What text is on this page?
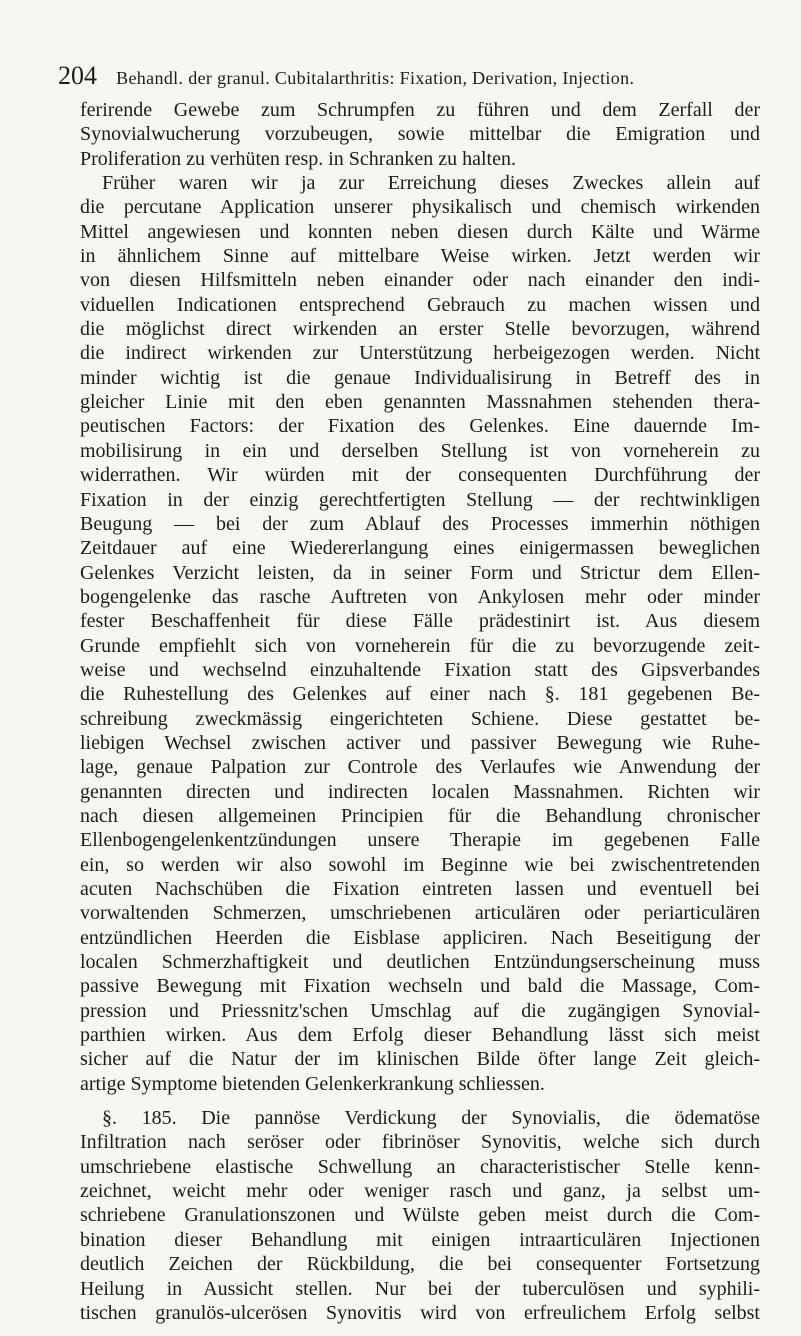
204 Behandl. der granul. Cubitalarthritis: Fixation, Derivation, Injection.
ferirende Gewebe zum Schrumpfen zu führen und dem Zerfall der
Synovialwucherung vorzubeugen, sowie mittelbar die Emigration und
Proliferation zu verhüten resp. in Schranken zu halten.
Früher waren wir ja zur Erreichung dieses Zweckes allein auf
die percutane Application unserer physikalisch und chemisch wirkenden
Mittel angewiesen und konnten neben diesen durch Kälte und Wärme
in ähnlichem Sinne auf mittelbare Weise wirken. Jetzt werden wir
von diesen Hilfsmitteln neben einander oder nach einander den indi-
viduellen Indicationen entsprechend Gebrauch zu machen wissen und
die möglichst direct wirkenden an erster Stelle bevorzugen, während
die indirect wirkenden zur Unterstützung herbeigezogen werden. Nicht
minder wichtig ist die genaue Individualisirung in Betreff des in
gleicher Linie mit den eben genannten Massnahmen stehenden thera-
peutischen Factors: der Fixation des Gelenkes. Eine dauernde Im-
mobilisirung in ein und derselben Stellung ist von vorneherein zu
widerrathen. Wir würden mit der consequenten Durchführung der
Fixation in der einzig gerechtfertigten Stellung — der rechtwinkligen
Beugung — bei der zum Ablauf des Processes immerhin nöthigen
Zeitdauer auf eine Wiedererlangung eines einigermassen beweglichen
Gelenkes Verzicht leisten, da in seiner Form und Strictur dem Ellen-
bogengelenke das rasche Auftreten von Ankylosen mehr oder minder
fester Beschaffenheit für diese Fälle prädestinirt ist. Aus diesem
Grunde empfiehlt sich von vorneherein für die zu bevorzugende zeit-
weise und wechselnd einzuhaltende Fixation statt des Gipsverbandes
die Ruhestellung des Gelenkes auf einer nach §. 181 gegebenen Be-
schreibung zweckmässig eingerichteten Schiene. Diese gestattet be-
liebigen Wechsel zwischen activer und passiver Bewegung wie Ruhe-
lage, genaue Palpation zur Controle des Verlaufes wie Anwendung der
genannten directen und indirecten localen Massnahmen. Richten wir
nach diesen allgemeinen Principien für die Behandlung chronischer
Ellenbogengelenkentzündungen unsere Therapie im gegebenen Falle
ein, so werden wir also sowohl im Beginne wie bei zwischentretenden
acuten Nachschüben die Fixation eintreten lassen und eventuell bei
vorwaltenden Schmerzen, umschriebenen articulären oder periarticulären
entzündlichen Heerden die Eisblase appliciren. Nach Beseitigung der
localen Schmerzhaftigkeit und deutlichen Entzündungserscheinung muss
passive Bewegung mit Fixation wechseln und bald die Massage, Com-
pression und Priessnitz'schen Umschlag auf die zugängigen Synovial-
parthien wirken. Aus dem Erfolg dieser Behandlung lässt sich meist
sicher auf die Natur der im klinischen Bilde öfter lange Zeit gleich-
artige Symptome bietenden Gelenkerkrankung schliessen.
§. 185. Die pannöse Verdickung der Synovialis, die ödematöse
Infiltration nach seröser oder fibrinöser Synovitis, welche sich durch
umschriebene elastische Schwellung an characteristischer Stelle kenn-
zeichnet, weicht mehr oder weniger rasch und ganz, ja selbst um-
schriebene Granulationszonen und Wülste geben meist durch die Com-
bination dieser Behandlung mit einigen intraarticulären Injectionen
deutlich Zeichen der Rückbildung, die bei consequenter Fortsetzung
Heilung in Aussicht stellen. Nur bei der tuberculösen und syphili-
tischen granulös-ulcerösen Synovitis wird von erfreulichem Erfolg selbst
